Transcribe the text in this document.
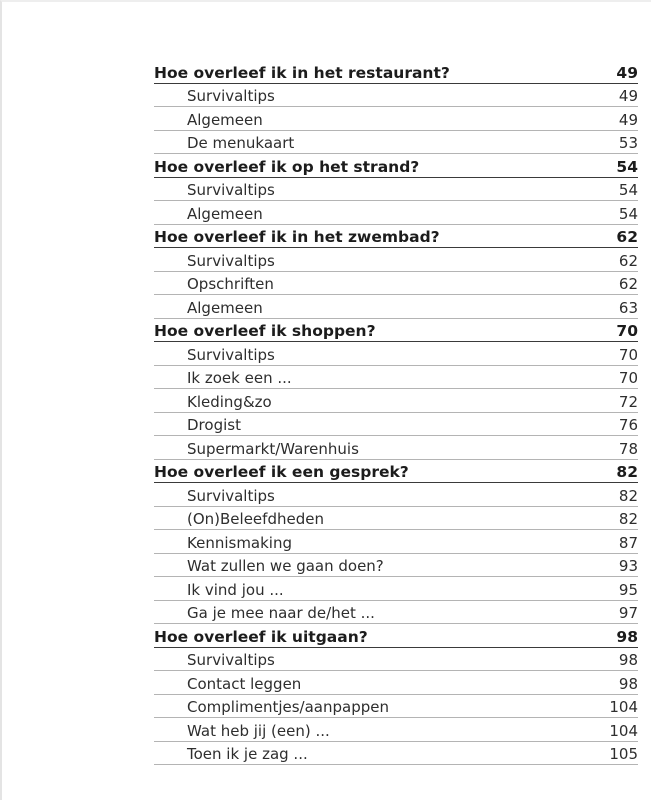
Hoe overleef ik in het restaurant?	49
Survivaltips	49
Algemeen	49
De menukaart	53
Hoe overleef ik op het strand?	54
Survivaltips	54
Algemeen	54
Hoe overleef ik in het zwembad?	62
Survivaltips	62
Opschriften	62
Algemeen	63
Hoe overleef ik shoppen?	70
Survivaltips	70
Ik zoek een ...	70
Kleding&zo	72
Drogist	76
Supermarkt/Warenhuis	78
Hoe overleef ik een gesprek?	82
Survivaltips	82
(On)Beleefdheden	82
Kennismaking	87
Wat zullen we gaan doen?	93
Ik vind jou ...	95
Ga je mee naar de/het ...	97
Hoe overleef ik uitgaan?	98
Survivaltips	98
Contact leggen	98
Complimentjes/aanpappen	104
Wat heb jij (een) ...	104
Toen ik je zag ...	105
